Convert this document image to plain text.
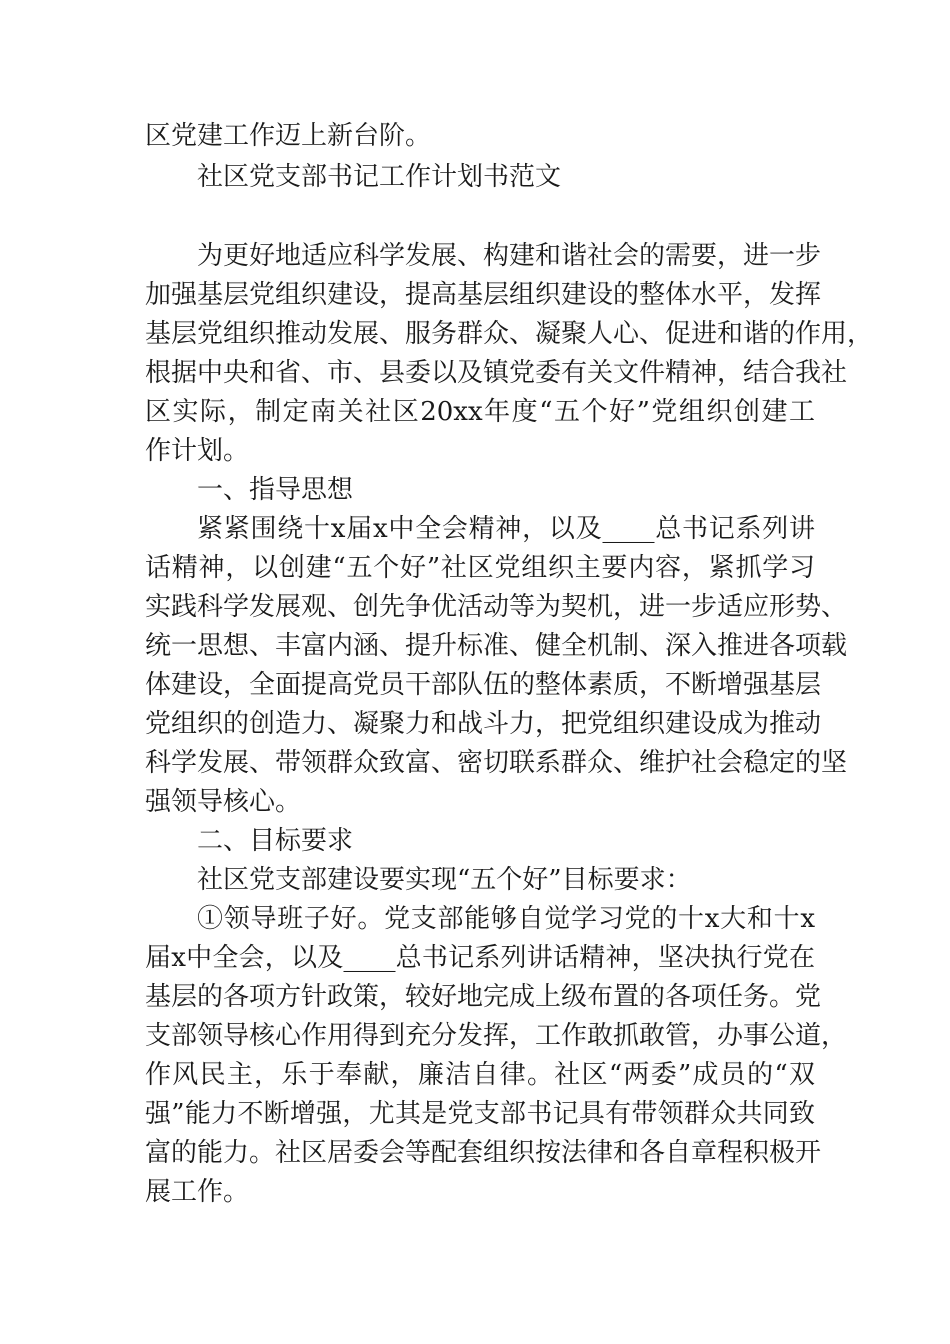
区党建工作迈上新台阶。
社区党支部书记工作计划书范文
为更好地适应科学发展、构建和谐社会的需要，进一步
加强基层党组织建设，提高基层组织建设的整体水平，发挥
基层党组织推动发展、服务群众、凝聚人心、促进和谐的作用，
根据中央和省、市、县委以及镇党委有关文件精神，结合我社
区实际，制定南关社区20xx年度“五个好”党组织创建工
作计划。
一、指导思想
紧紧围绕十x届x中全会精神，以及____总书记系列讲
话精神，以创建“五个好”社区党组织主要内容，紧抓学习
实践科学发展观、创先争优活动等为契机，进一步适应形势、
统一思想、丰富内涵、提升标准、健全机制、深入推进各项载
体建设，全面提高党员干部队伍的整体素质，不断增强基层
党组织的创造力、凝聚力和战斗力，把党组织建设成为推动
科学发展、带领群众致富、密切联系群众、维护社会稳定的坚
强领导核心。
二、目标要求
社区党支部建设要实现“五个好”目标要求：
①领导班子好。党支部能够自觉学习党的十x大和十x
届x中全会，以及____总书记系列讲话精神，坚决执行党在
基层的各项方针政策，较好地完成上级布置的各项任务。党
支部领导核心作用得到充分发挥，工作敢抓敢管，办事公道，
作风民主，乐于奉献，廉洁自律。社区“两委”成员的“双
强”能力不断增强，尤其是党支部书记具有带领群众共同致
富的能力。社区居委会等配套组织按法律和各自章程积极开
展工作。
